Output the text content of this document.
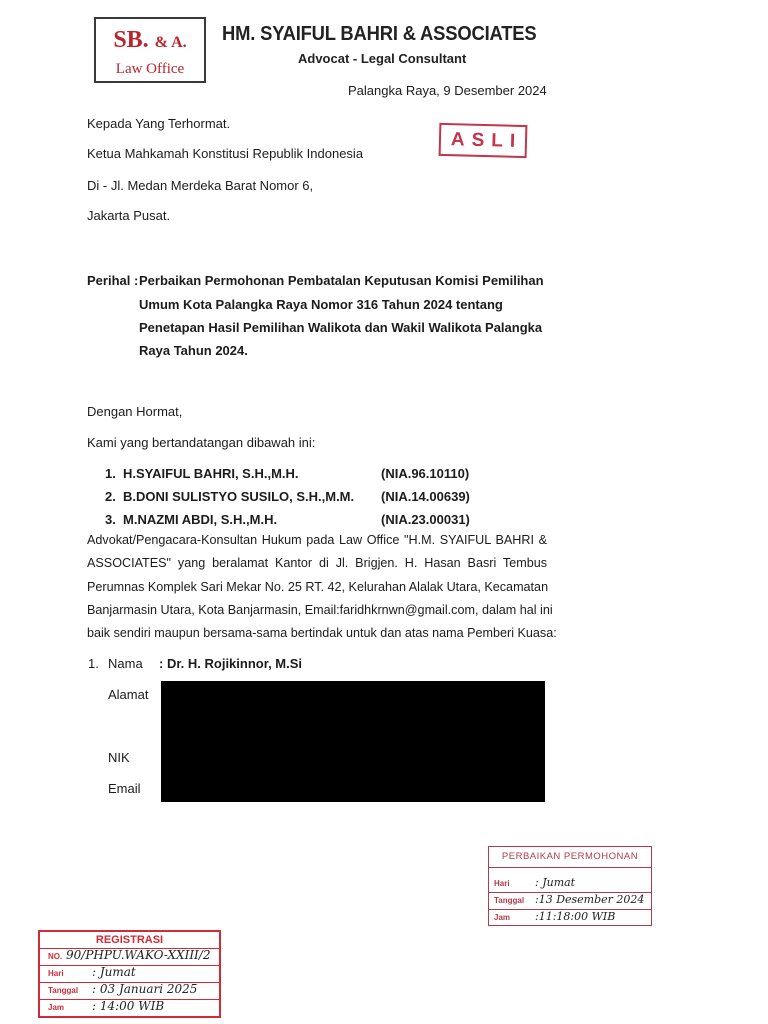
SB. & A.
Law Office
HM. SYAIFUL BAHRI & ASSOCIATES
Advocat - Legal Consultant
Palangka Raya, 9 Desember 2024
ASLI
Kepada Yang Terhormat.
Ketua Mahkamah Konstitusi Republik Indonesia
Di - Jl. Medan Merdeka Barat Nomor 6,
Jakarta Pusat.
Perihal : Perbaikan Permohonan Pembatalan Keputusan Komisi Pemilihan
Umum Kota Palangka Raya Nomor 316 Tahun 2024 tentang
Penetapan Hasil Pemilihan Walikota dan Wakil Walikota Palangka
Raya Tahun 2024.
Dengan Hormat,
Kami yang bertandatangan dibawah ini:
1. H.SYAIFUL BAHRI, S.H.,M.H.	(NIA.96.10110)
2. B.DONI SULISTYO SUSILO, S.H.,M.M. (NIA.14.00639)
3. M.NAZMI ABDI, S.H.,M.H.	(NIA.23.00031)
Advokat/Pengacara-Konsultan Hukum pada Law Office "H.M. SYAIFUL BAHRI &
ASSOCIATES" yang beralamat Kantor di Jl. Brigjen. H. Hasan Basri Tembus
Perumnas Komplek Sari Mekar No. 25 RT. 42, Kelurahan Alalak Utara, Kecamatan
Banjarmasin Utara, Kota Banjarmasin, Email:faridhkrnwn@gmail.com, dalam hal ini
baik sendiri maupun bersama-sama bertindak untuk dan atas nama Pemberi Kuasa:
1. Nama : Dr. H. Rojikinnor, M.Si
Alamat
NIK
Email
PERBAIKAN PERMOHONAN
Hari : Jumat
Tanggal :13 Desember 2024
Jam :11:18:00 WIB
REGISTRASI
NO. 90/PHPU.WAKO-XXIII/2
Hari : Jumat
Tanggal : 03 Januari 2025
Jam : 14:00 WIB
